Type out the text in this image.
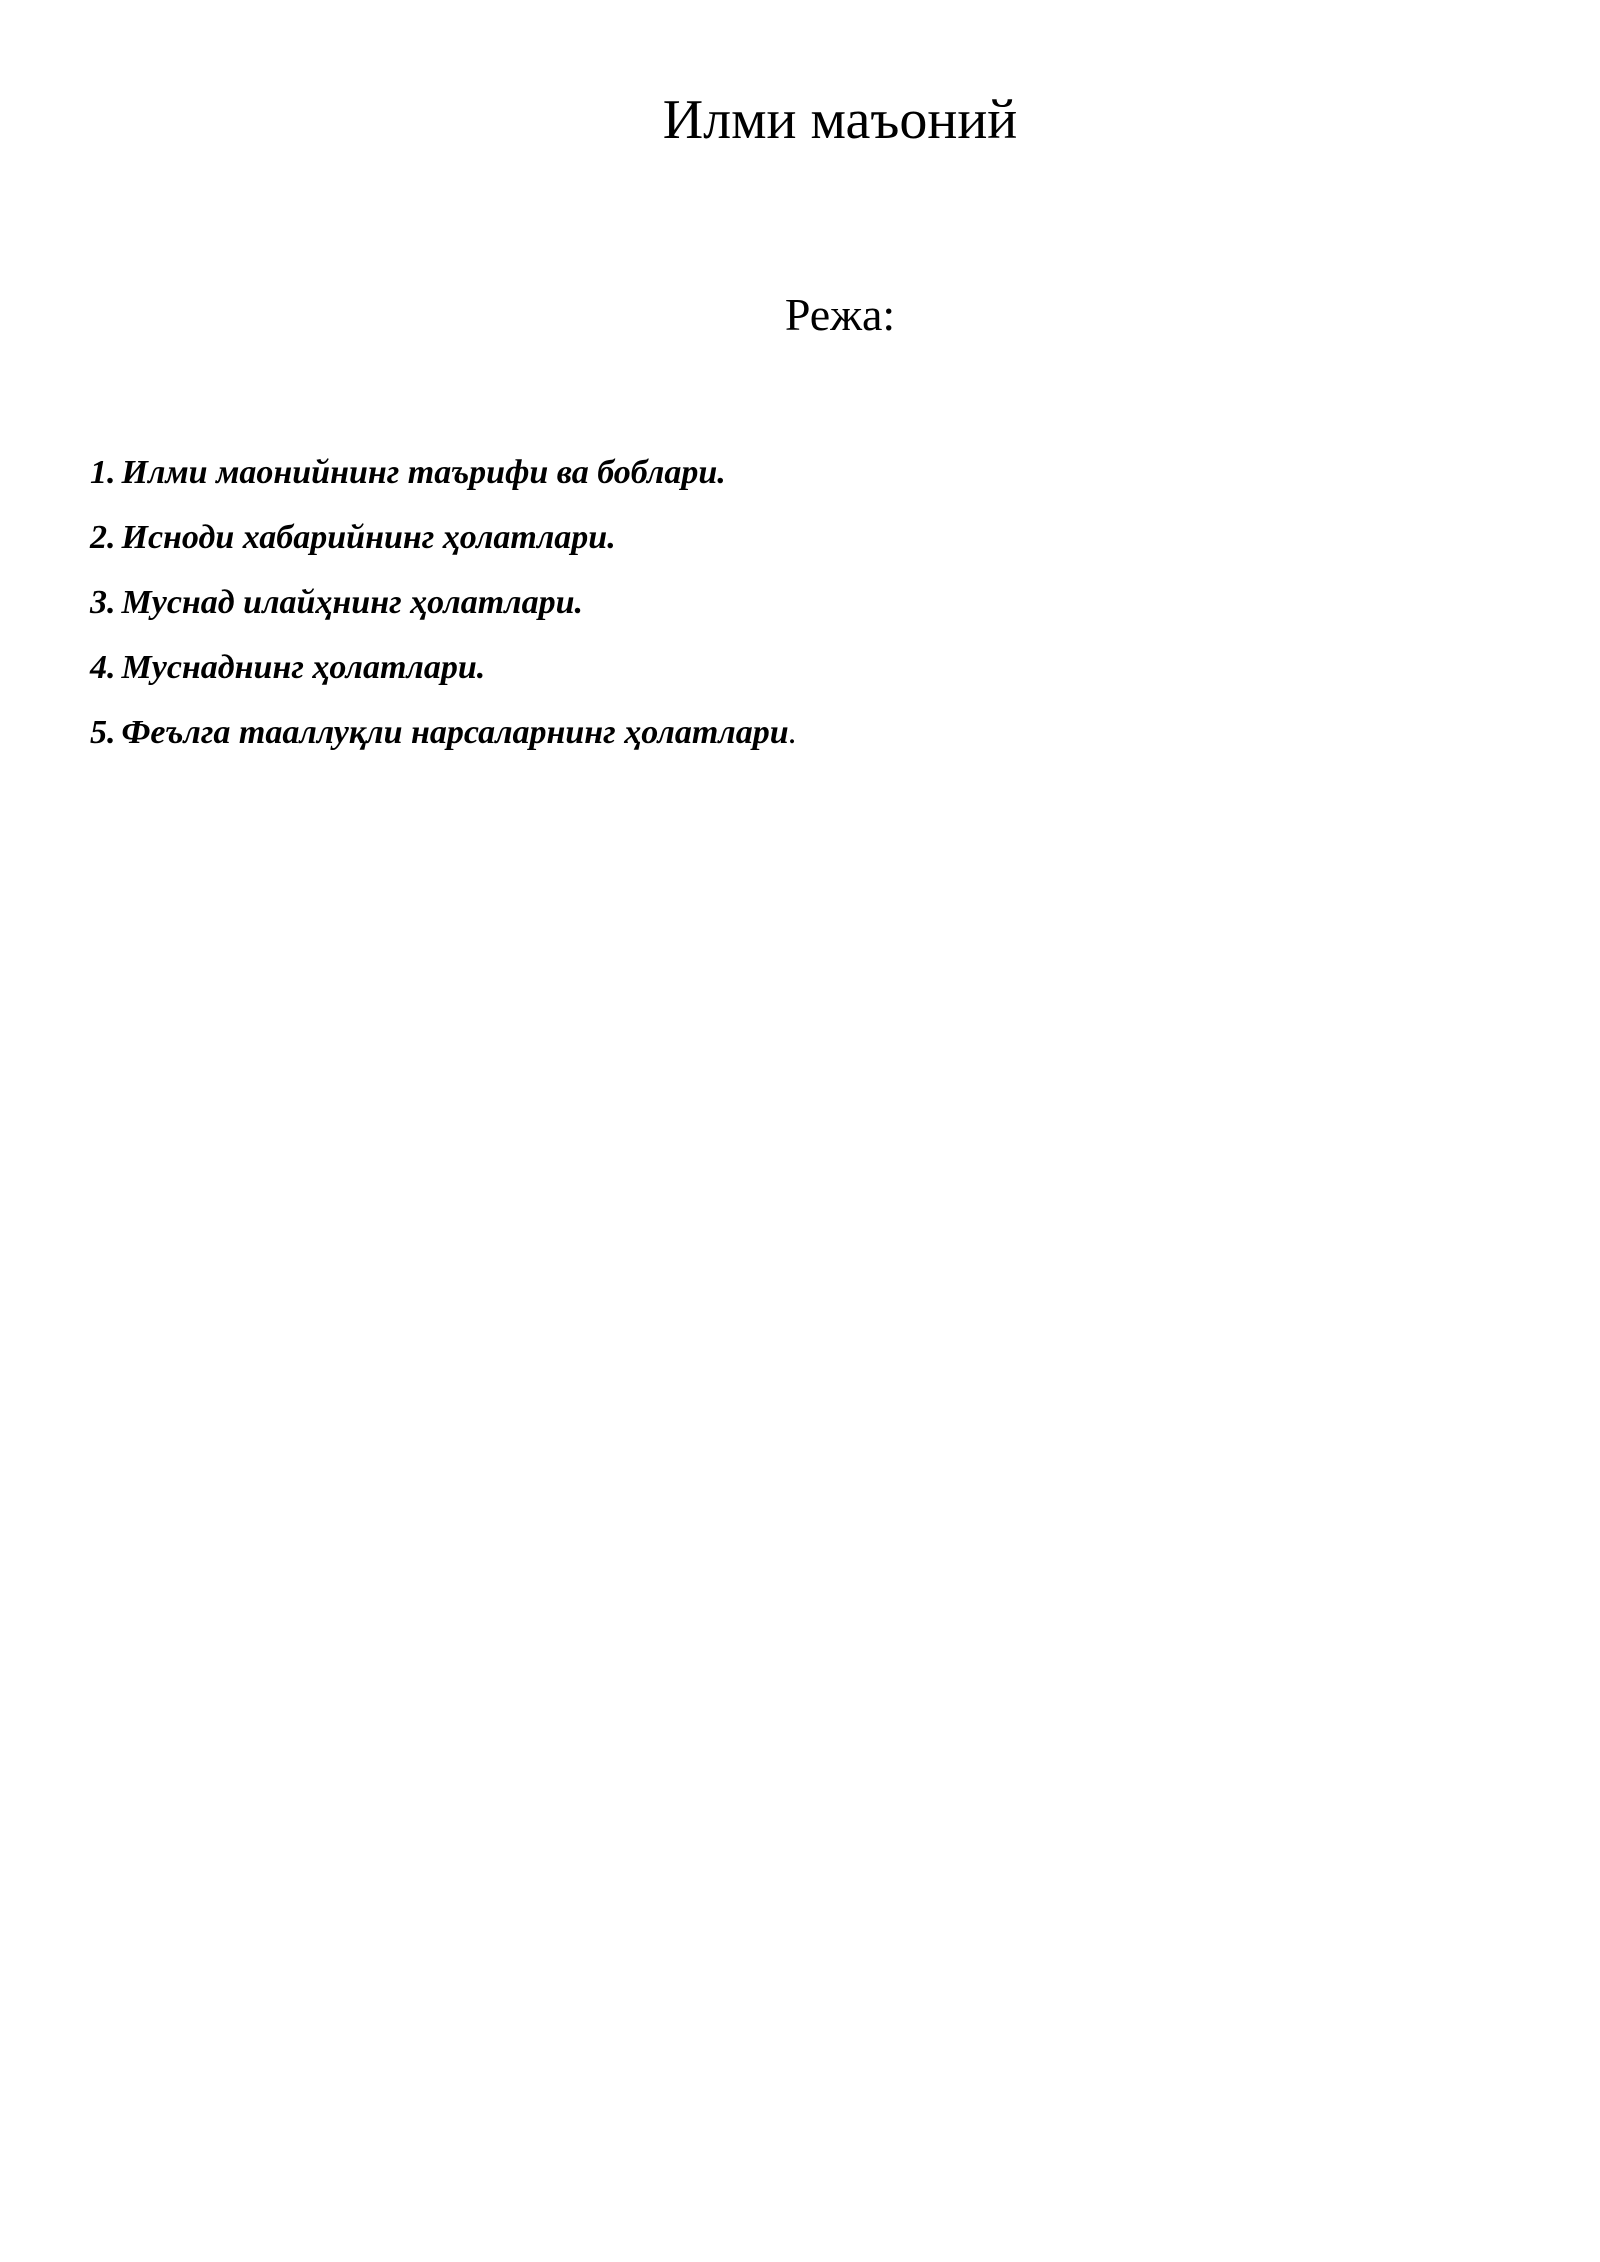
Илми маъоний
Режа:
1. Илми маонийнинг таърифи ва боблари.
2. Исноди хабарийнинг ҳолатлари.
3. Муснад илайҳнинг ҳолатлари.
4. Муснаднинг ҳолатлари.
5. Феълга тааллуқли нарсаларнинг ҳолатлари.
